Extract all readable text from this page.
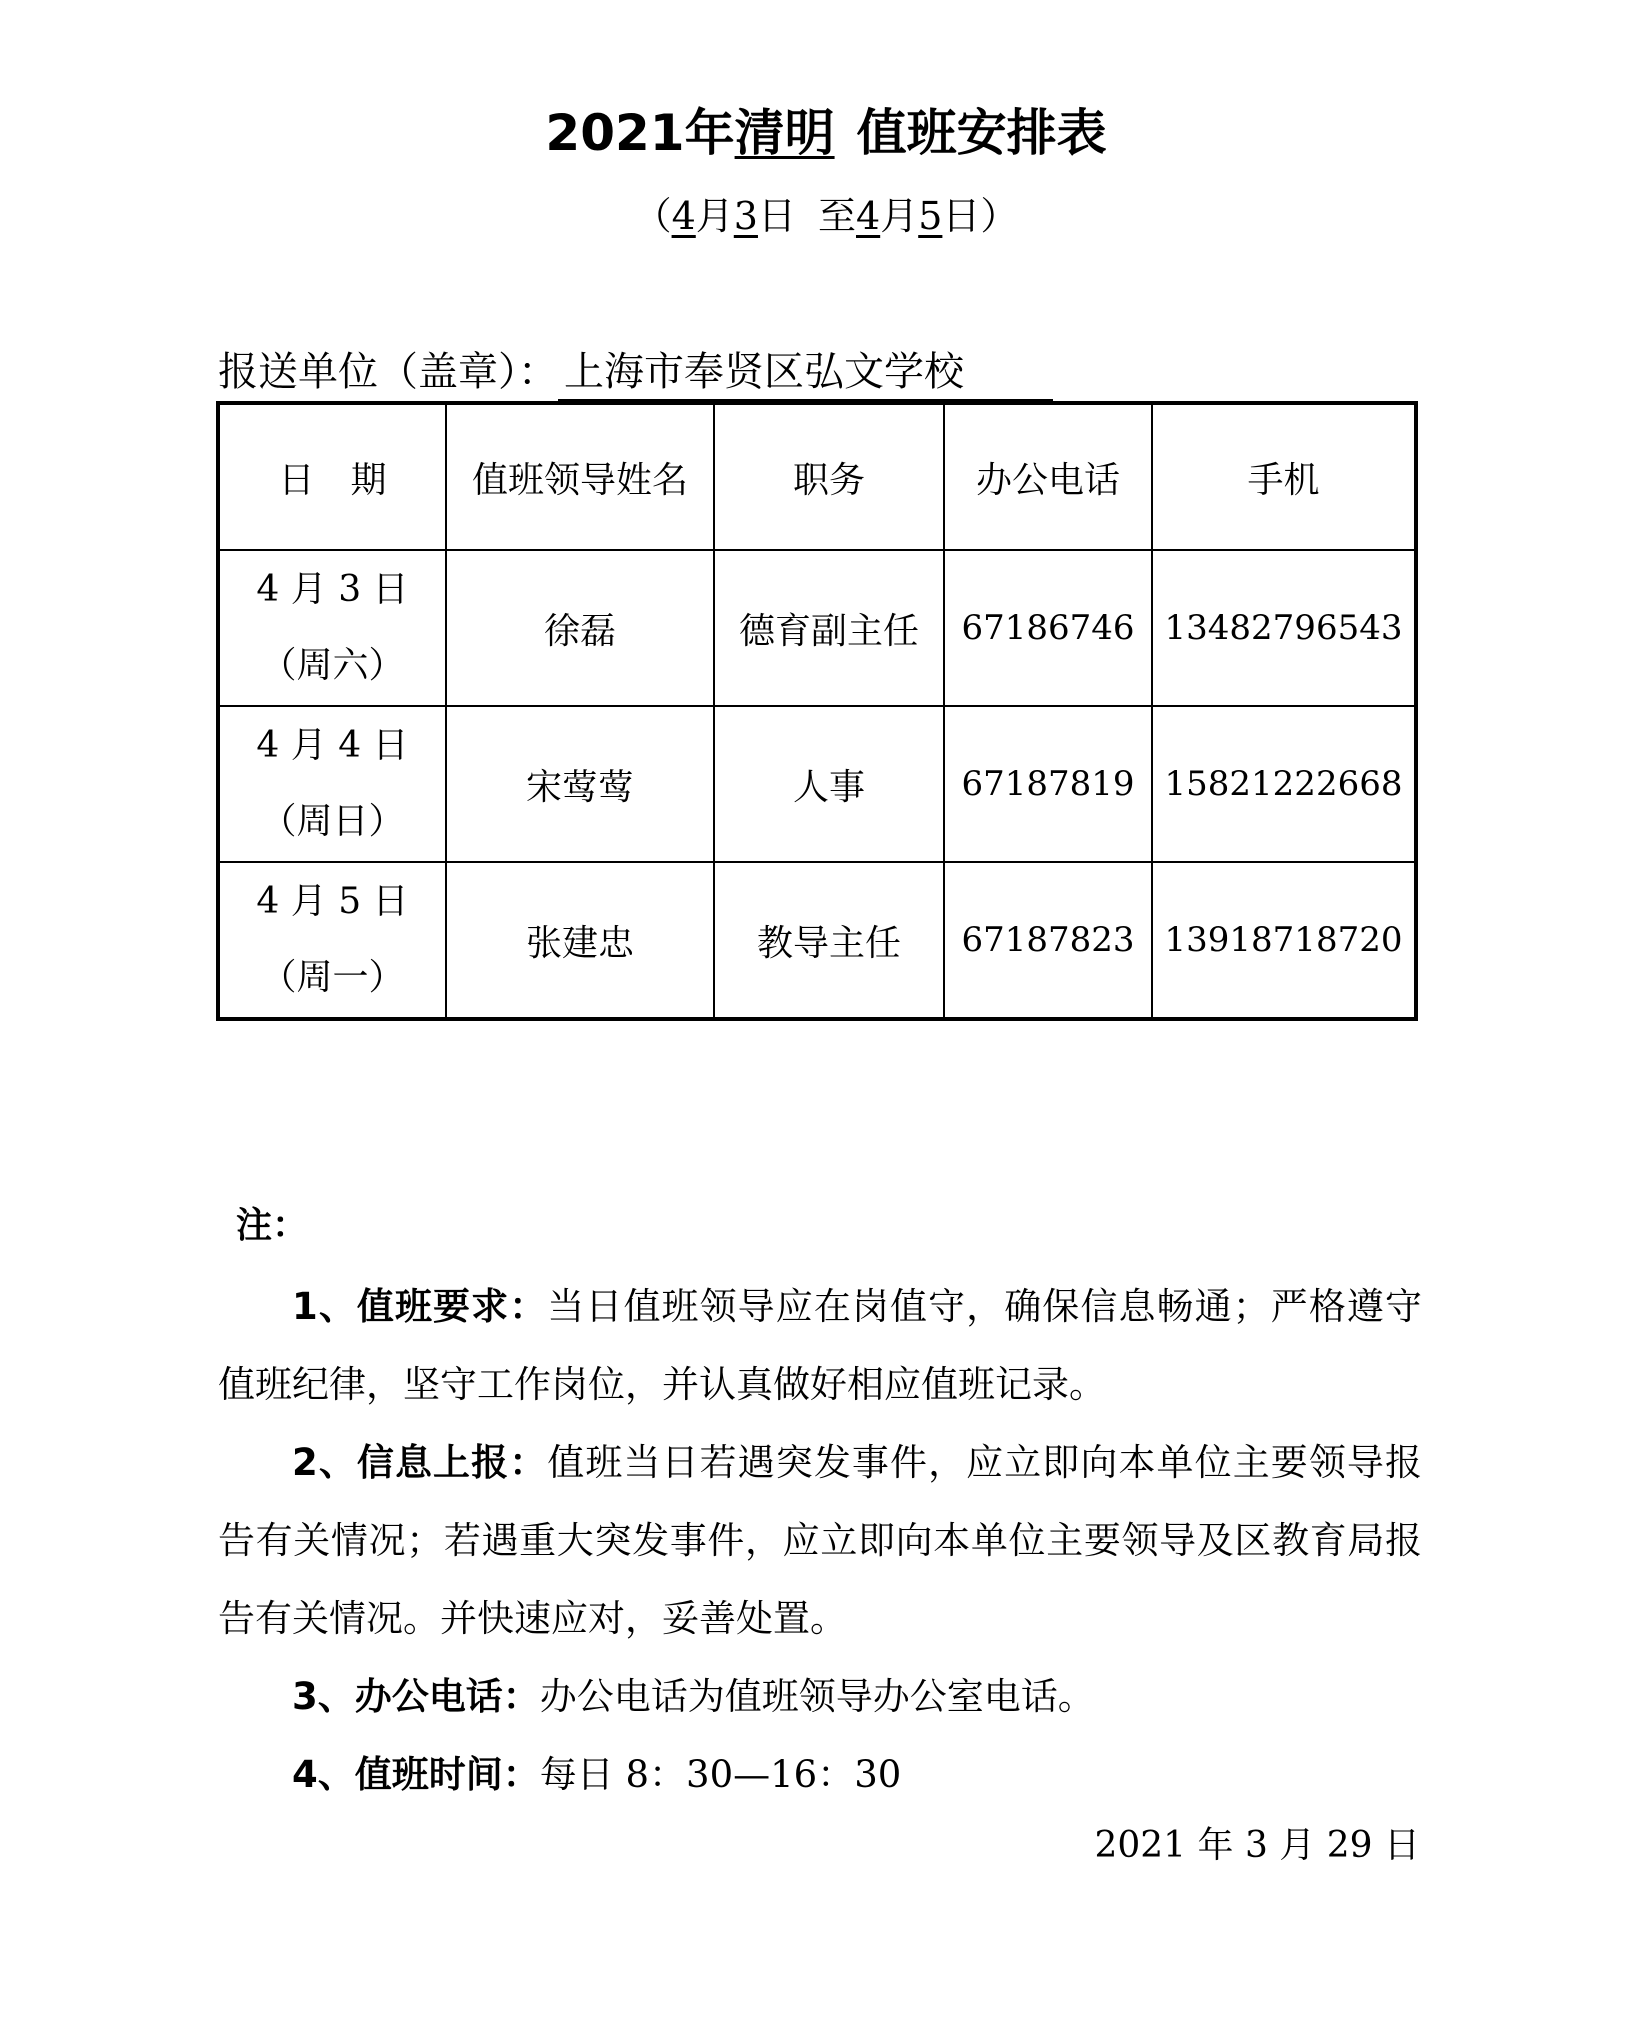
2021年清明 值班安排表
（4月3日 至4月5日）
报送单位（盖章）： 上海市奉贤区弘文学校
日　期	值班领导姓名	职务	办公电话	手机

4 月 3 日
（周六）	徐磊	德育副主任	67186746	13482796543

4 月 4 日
（周日）	宋莺莺	人事	67187819	15821222668

4 月 5 日
（周一）	张建忠	教导主任	67187823	13918718720
注：

1、值班要求：当日值班领导应在岗值守，确保信息畅通；严格遵守值班纪律，坚守工作岗位，并认真做好相应值班记录。

2、信息上报：值班当日若遇突发事件，应立即向本单位主要领导报告有关情况；若遇重大突发事件，应立即向本单位主要领导及区教育局报告有关情况。并快速应对，妥善处置。

3、办公电话：办公电话为值班领导办公室电话。

4、值班时间：每日 8：30—16：30

2021 年 3 月 29 日
